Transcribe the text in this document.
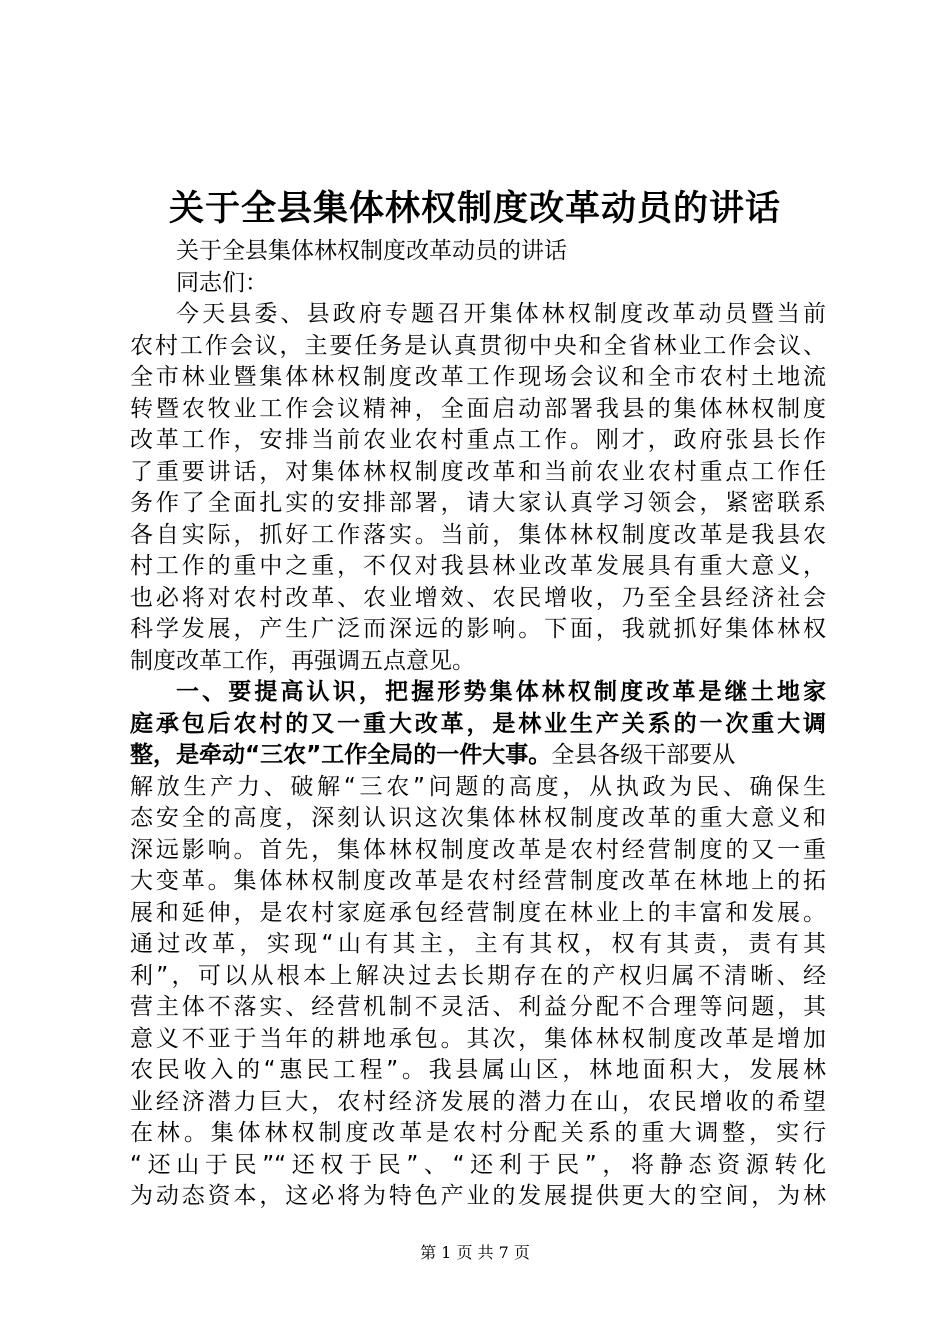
关于全县集体林权制度改革动员的讲话
关于全县集体林权制度改革动员的讲话
同志们：
今天县委、县政府专题召开集体林权制度改革动员暨当前
农村工作会议，主要任务是认真贯彻中央和全省林业工作会议、
全市林业暨集体林权制度改革工作现场会议和全市农村土地流
转暨农牧业工作会议精神，全面启动部署我县的集体林权制度
改革工作，安排当前农业农村重点工作。刚才，政府张县长作
了重要讲话，对集体林权制度改革和当前农业农村重点工作任
务作了全面扎实的安排部署，请大家认真学习领会，紧密联系
各自实际，抓好工作落实。当前，集体林权制度改革是我县农
村工作的重中之重，不仅对我县林业改革发展具有重大意义，
也必将对农村改革、农业增效、农民增收，乃至全县经济社会
科学发展，产生广泛而深远的影响。下面，我就抓好集体林权
制度改革工作，再强调五点意见。
一、要提高认识，把握形势集体林权制度改革是继土地家
庭承包后农村的又一重大改革，是林业生产关系的一次重大调
整，是牵动“三农”工作全局的一件大事。全县各级干部要从
解放生产力、破解“三农”问题的高度，从执政为民、确保生
态安全的高度，深刻认识这次集体林权制度改革的重大意义和
深远影响。首先，集体林权制度改革是农村经营制度的又一重
大变革。集体林权制度改革是农村经营制度改革在林地上的拓
展和延伸，是农村家庭承包经营制度在林业上的丰富和发展。
通过改革，实现“山有其主，主有其权，权有其责，责有其
利”，可以从根本上解决过去长期存在的产权归属不清晰、经
营主体不落实、经营机制不灵活、利益分配不合理等问题，其
意义不亚于当年的耕地承包。其次，集体林权制度改革是增加
农民收入的“惠民工程”。我县属山区，林地面积大，发展林
业经济潜力巨大，农村经济发展的潜力在山，农民增收的希望
在林。集体林权制度改革是农村分配关系的重大调整，实行
“还山于民”“还权于民”、“还利于民”，将静态资源转化
为动态资本，这必将为特色产业的发展提供更大的空间，为林
第 1 页 共 7 页
